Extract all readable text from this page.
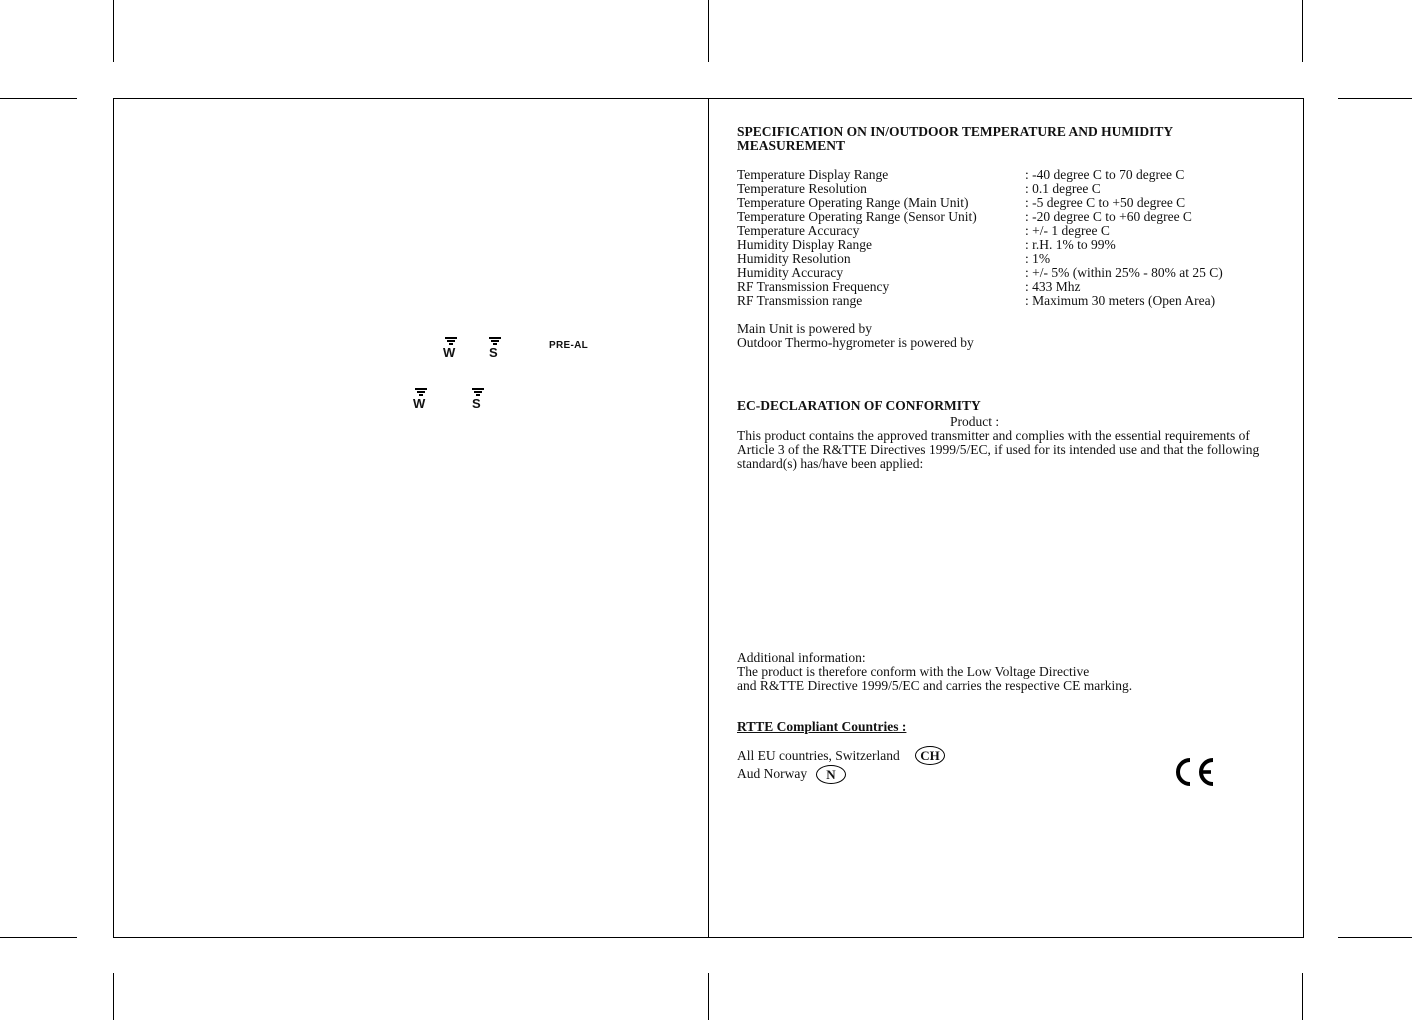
W	S	PRE-AL
W	S
SPECIFICATION ON IN/OUTDOOR TEMPERATURE AND HUMIDITY
MEASUREMENT
Temperature Display Range	: -40 degree C to 70 degree C
Temperature Resolution	: 0.1 degree C
Temperature Operating Range (Main Unit)	: -5 degree C to +50 degree C
Temperature Operating Range (Sensor Unit)	: -20 degree C to +60 degree C
Temperature Accuracy	: +/- 1 degree C
Humidity Display Range	: r.H. 1% to 99%
Humidity Resolution	: 1%
Humidity Accuracy	: +/- 5% (within 25% - 80% at 25 C)
RF Transmission Frequency	: 433 Mhz
RF Transmission range	: Maximum 30 meters (Open Area)
Main Unit is powered by
Outdoor Thermo-hygrometer is powered by
EC-DECLARATION OF CONFORMITY
Product :
This product contains the approved transmitter and complies with the essential requirements of
Article 3 of the R&TTE Directives 1999/5/EC, if used for its intended use and that the following
standard(s) has/have been applied:
Additional information:
The product is therefore conform with the Low Voltage Directive
and R&TTE Directive 1999/5/EC and carries the respective CE marking.
RTTE Compliant Countries :
All EU countries, Switzerland	CH
Aud Norway	N
